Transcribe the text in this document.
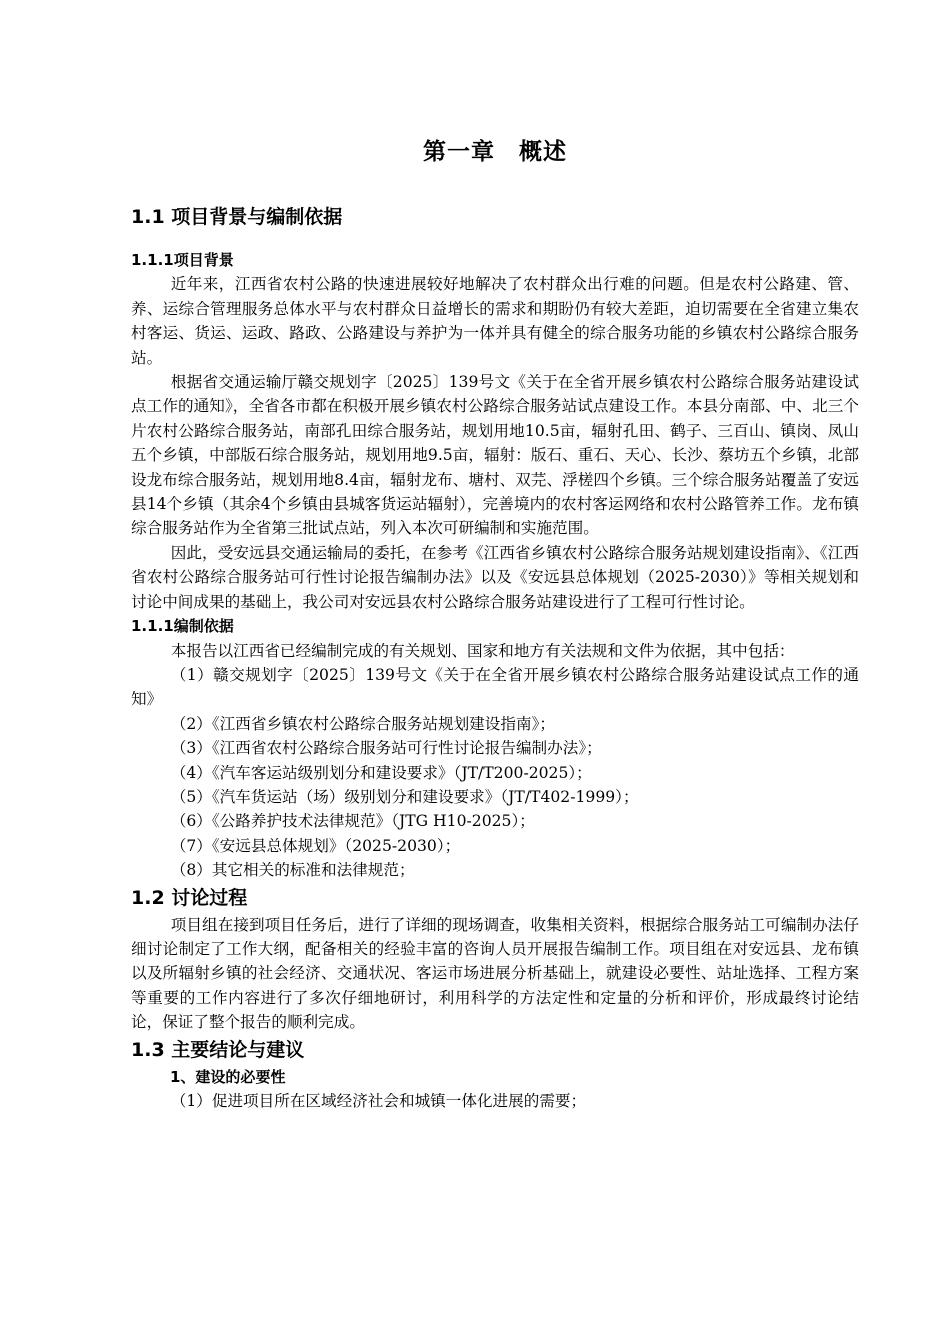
第一章　概述
1.1 项目背景与编制依据
1.1.1项目背景

近年来，江西省农村公路的快速进展较好地解决了农村群众出行难的问题。但是农村公路建、管、养、运综合管理服务总体水平与农村群众日益增长的需求和期盼仍有较大差距，迫切需要在全省建立集农村客运、货运、运政、路政、公路建设与养护为一体并具有健全的综合服务功能的乡镇农村公路综合服务站。

根据省交通运输厅赣交规划字〔2025〕139号文《关于在全省开展乡镇农村公路综合服务站建设试点工作的通知》，全省各市都在积极开展乡镇农村公路综合服务站试点建设工作。本县分南部、中、北三个片农村公路综合服务站，南部孔田综合服务站，规划用地10.5亩，辐射孔田、鹤子、三百山、镇岗、凤山五个乡镇，中部版石综合服务站，规划用地9.5亩，辐射：版石、重石、天心、长沙、蔡坊五个乡镇，北部设龙布综合服务站，规划用地8.4亩，辐射龙布、塘村、双芫、浮槎四个乡镇。三个综合服务站覆盖了安远县14个乡镇（其余4个乡镇由县城客货运站辐射），完善境内的农村客运网络和农村公路管养工作。龙布镇综合服务站作为全省第三批试点站，列入本次可研编制和实施范围。

因此，受安远县交通运输局的委托，在参考《江西省乡镇农村公路综合服务站规划建设指南》、《江西省农村公路综合服务站可行性讨论报告编制办法》以及《安远县总体规划（2025-2030）》等相关规划和讨论中间成果的基础上，我公司对安远县农村公路综合服务站建设进行了工程可行性讨论。

1.1.1编制依据

本报告以江西省已经编制完成的有关规划、国家和地方有关法规和文件为依据，其中包括：

（1）赣交规划字〔2025〕139号文《关于在全省开展乡镇农村公路综合服务站建设试点工作的通知》

（2）《江西省乡镇农村公路综合服务站规划建设指南》；

（3）《江西省农村公路综合服务站可行性讨论报告编制办法》；

（4）《汽车客运站级别划分和建设要求》（JT/T200-2025）；

（5）《汽车货运站（场）级别划分和建设要求》（JT/T402-1999）；

（6）《公路养护技术法律规范》（JTG H10-2025）；

（7）《安远县总体规划》（2025-2030）；

（8）其它相关的标准和法律规范；

1.2 讨论过程

项目组在接到项目任务后，进行了详细的现场调查，收集相关资料，根据综合服务站工可编制办法仔细讨论制定了工作大纲，配备相关的经验丰富的咨询人员开展报告编制工作。项目组在对安远县、龙布镇以及所辐射乡镇的社会经济、交通状况、客运市场进展分析基础上，就建设必要性、站址选择、工程方案等重要的工作内容进行了多次仔细地研讨，利用科学的方法定性和定量的分析和评价，形成最终讨论结论，保证了整个报告的顺利完成。

1.3 主要结论与建议
1、建设的必要性

（1）促进项目所在区域经济社会和城镇一体化进展的需要；
